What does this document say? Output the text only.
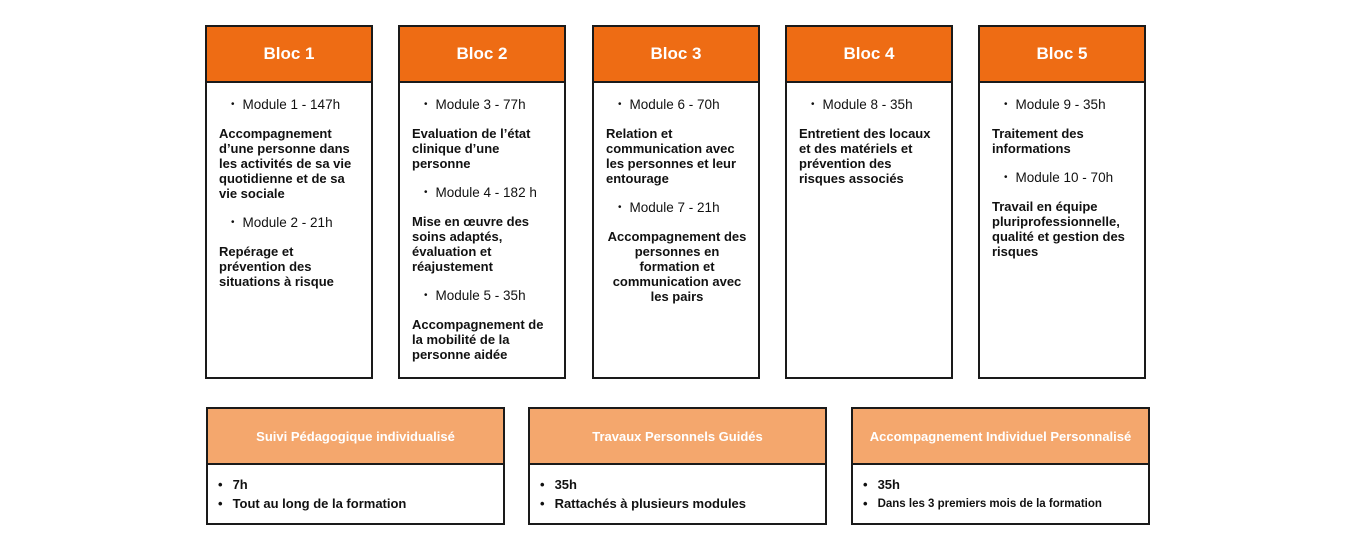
Bloc 1
• Module 1 - 147h
Accompagnement d’une personne dans les activités de sa vie quotidienne et de sa vie sociale
• Module 2 - 21h
Repérage et prévention des situations à risque
Bloc 2
• Module 3 - 77h
Evaluation de l’état clinique d’une personne
• Module 4 - 182 h
Mise en œuvre des soins adaptés, évaluation et réajustement
• Module 5 - 35h
Accompagnement de la mobilité de la personne aidée
Bloc 3
• Module 6 - 70h
Relation et communication avec les personnes et leur entourage
• Module 7 - 21h
Accompagnement des personnes en formation et communication avec les pairs
Bloc 4
• Module 8 - 35h
Entretient des locaux et des matériels et prévention des risques associés
Bloc 5
• Module 9 - 35h
Traitement des informations
• Module 10 - 70h
Travail en équipe pluriprofessionnelle, qualité et gestion des risques
Suivi Pédagogique individualisé
• 7h
• Tout au long de la formation
Travaux Personnels Guidés
• 35h
• Rattachés à plusieurs modules
Accompagnement Individuel Personnalisé
• 35h
• Dans les 3 premiers mois de la formation
